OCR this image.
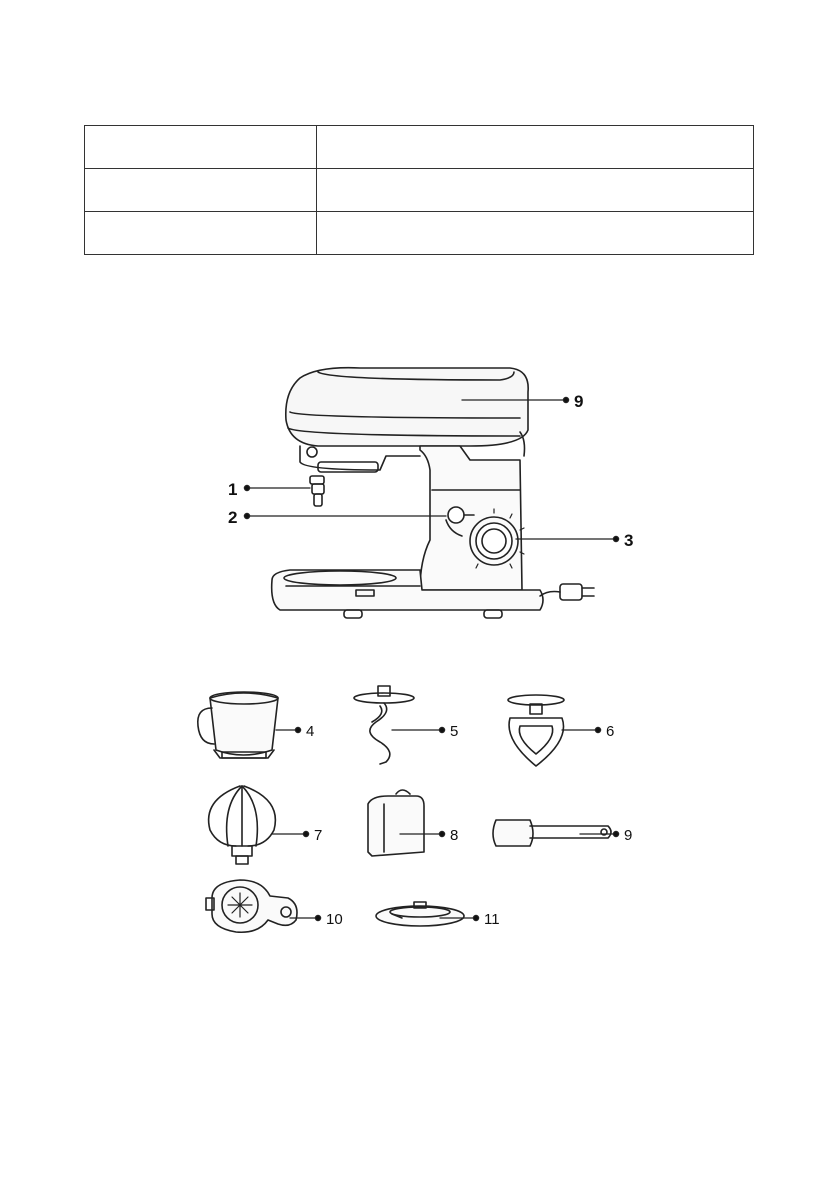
1
2
3
9
4	5	6
7	8	9
10	11
